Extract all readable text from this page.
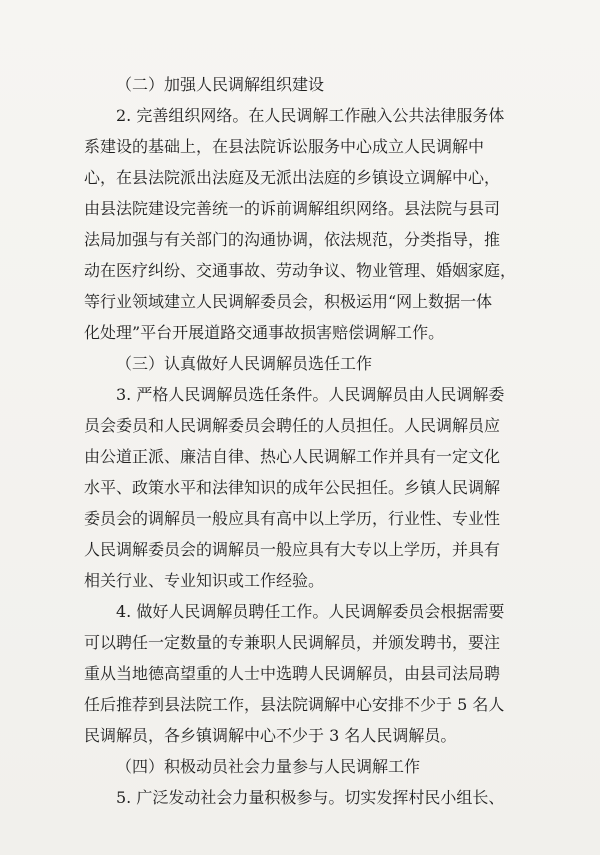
（二）加强人民调解组织建设
2. 完善组织网络。在人民调解工作融入公共法律服务体
系建设的基础上，在县法院诉讼服务中心成立人民调解中
心，在县法院派出法庭及无派出法庭的乡镇设立调解中心，
由县法院建设完善统一的诉前调解组织网络。县法院与县司
法局加强与有关部门的沟通协调，依法规范，分类指导，推
动在医疗纠纷、交通事故、劳动争议、物业管理、婚姻家庭，
等行业领域建立人民调解委员会，积极运用“网上数据一体
化处理”平台开展道路交通事故损害赔偿调解工作。
（三）认真做好人民调解员选任工作
3. 严格人民调解员选任条件。人民调解员由人民调解委
员会委员和人民调解委员会聘任的人员担任。人民调解员应
由公道正派、廉洁自律、热心人民调解工作并具有一定文化
水平、政策水平和法律知识的成年公民担任。乡镇人民调解
委员会的调解员一般应具有高中以上学历，行业性、专业性
人民调解委员会的调解员一般应具有大专以上学历，并具有
相关行业、专业知识或工作经验。
4. 做好人民调解员聘任工作。人民调解委员会根据需要
可以聘任一定数量的专兼职人民调解员，并颁发聘书，要注
重从当地德高望重的人士中选聘人民调解员，由县司法局聘
任后推荐到县法院工作，县法院调解中心安排不少于 5 名人
民调解员，各乡镇调解中心不少于 3 名人民调解员。
（四）积极动员社会力量参与人民调解工作
5. 广泛发动社会力量积极参与。切实发挥村民小组长、
